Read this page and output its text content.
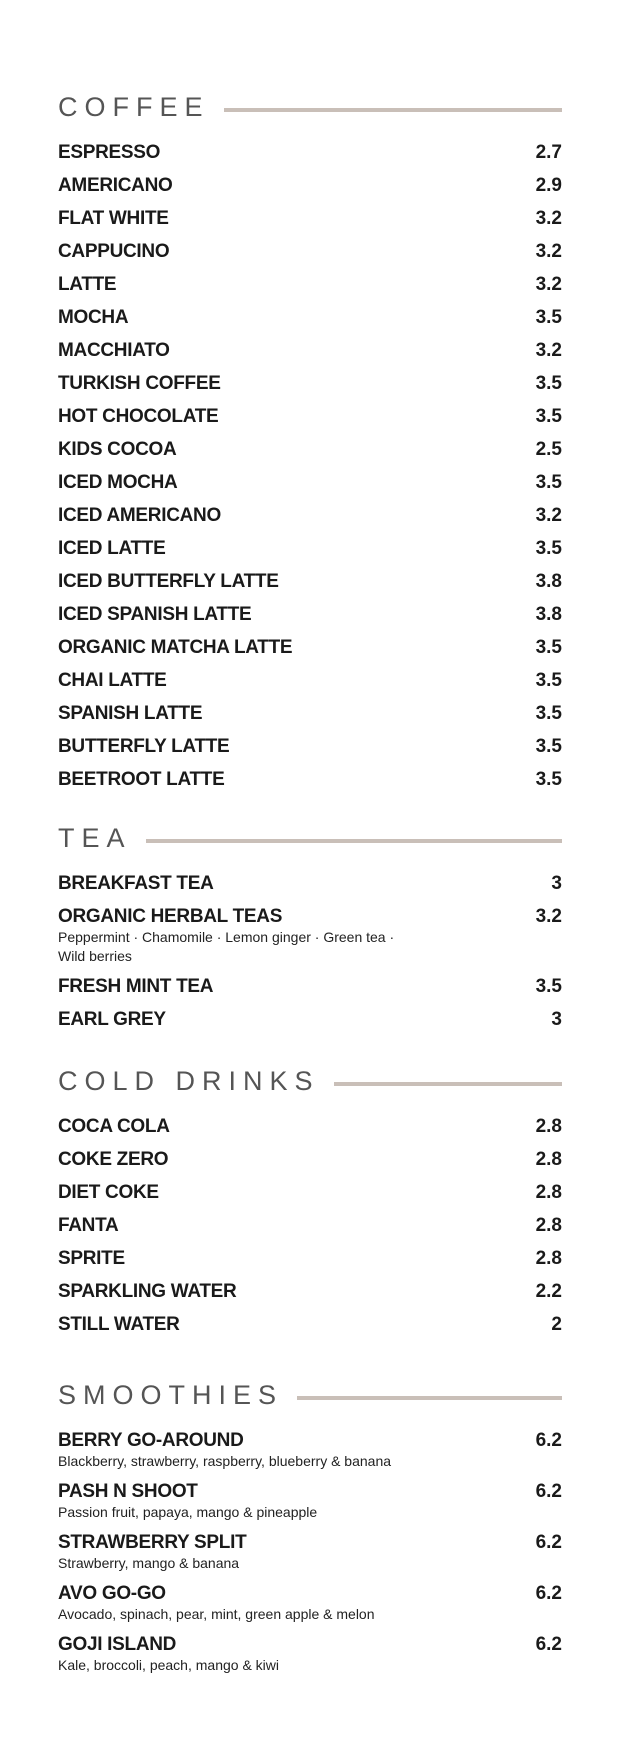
COFFEE
ESPRESSO	2.7
AMERICANO	2.9
FLAT WHITE	3.2
CAPPUCINO	3.2
LATTE	3.2
MOCHA	3.5
MACCHIATO	3.2
TURKISH COFFEE	3.5
HOT CHOCOLATE	3.5
KIDS COCOA	2.5
ICED MOCHA	3.5
ICED AMERICANO	3.2
ICED LATTE	3.5
ICED BUTTERFLY LATTE	3.8
ICED SPANISH LATTE	3.8
ORGANIC MATCHA LATTE	3.5
CHAI LATTE	3.5
SPANISH LATTE	3.5
BUTTERFLY LATTE	3.5
BEETROOT LATTE	3.5
TEA
BREAKFAST TEA	3
ORGANIC HERBAL TEAS	3.2
Peppermint · Chamomile · Lemon ginger · Green tea · Wild berries
FRESH MINT TEA	3.5
EARL GREY	3
COLD DRINKS
COCA COLA	2.8
COKE ZERO	2.8
DIET COKE	2.8
FANTA	2.8
SPRITE	2.8
SPARKLING WATER	2.2
STILL WATER	2
SMOOTHIES
BERRY GO-AROUND	6.2
Blackberry, strawberry, raspberry, blueberry & banana
PASH N SHOOT	6.2
Passion fruit, papaya, mango & pineapple
STRAWBERRY SPLIT	6.2
Strawberry, mango & banana
AVO GO-GO	6.2
Avocado, spinach, pear, mint, green apple & melon
GOJI ISLAND	6.2
Kale, broccoli, peach, mango & kiwi
